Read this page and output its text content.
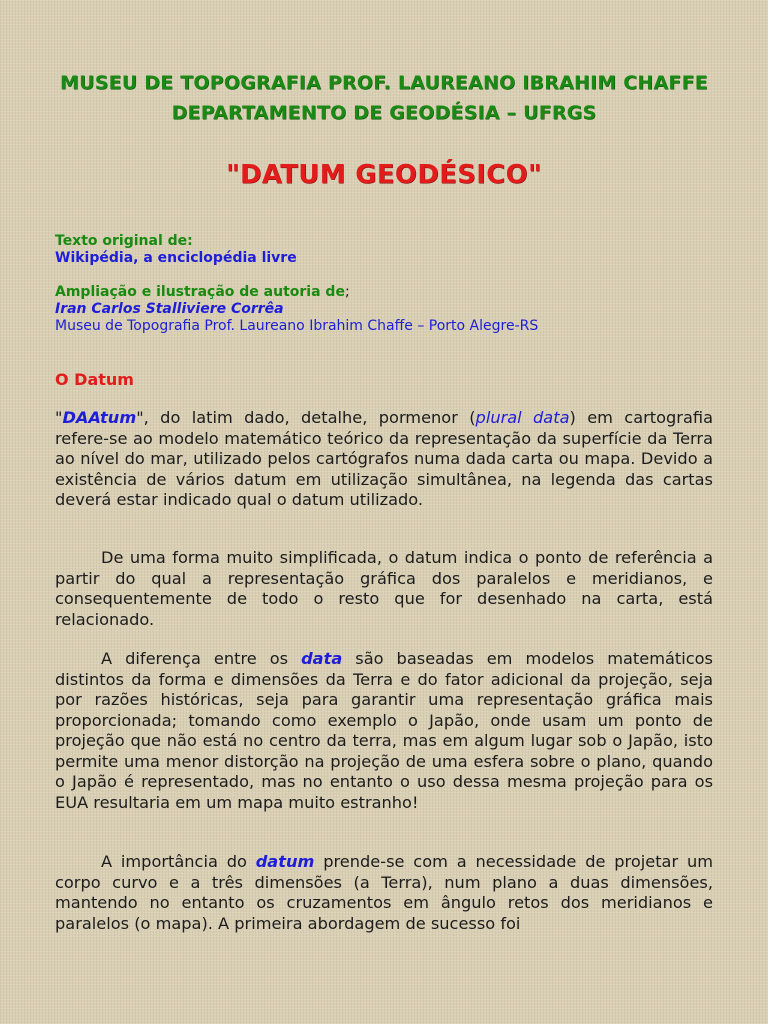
MUSEU DE TOPOGRAFIA PROF. LAUREANO IBRAHIM CHAFFE
DEPARTAMENTO DE GEODÉSIA – UFRGS
"DATUM GEODÉSICO"
Texto original de:
Wikipédia, a enciclopédia livre
Ampliação e ilustração de autoria de;
Iran Carlos Stalliviere Corrêa
Museu de Topografia Prof. Laureano Ibrahim Chaffe – Porto Alegre-RS
O Datum
"DAAtum", do latim dado, detalhe, pormenor (plural data) em cartografia refere-se ao modelo matemático teórico da representação da superfície da Terra ao nível do mar, utilizado pelos cartógrafos numa dada carta ou mapa. Devido a existência de vários datum em utilização simultânea, na legenda das cartas deverá estar indicado qual o datum utilizado.
De uma forma muito simplificada, o datum indica o ponto de referência a partir do qual a representação gráfica dos paralelos e meridianos, e consequentemente de todo o resto que for desenhado na carta, está relacionado.
A diferença entre os data são baseadas em modelos matemáticos distintos da forma e dimensões da Terra e do fator adicional da projeção, seja por razões históricas, seja para garantir uma representação gráfica mais proporcionada; tomando como exemplo o Japão, onde usam um ponto de projeção que não está no centro da terra, mas em algum lugar sob o Japão, isto permite uma menor distorção na projeção de uma esfera sobre o plano, quando o Japão é representado, mas no entanto o uso dessa mesma projeção para os EUA resultaria em um mapa muito estranho!
A importância do datum prende-se com a necessidade de projetar um corpo curvo e a três dimensões (a Terra), num plano a duas dimensões, mantendo no entanto os cruzamentos em ângulo retos dos meridianos e paralelos (o mapa). A primeira abordagem de sucesso foi
